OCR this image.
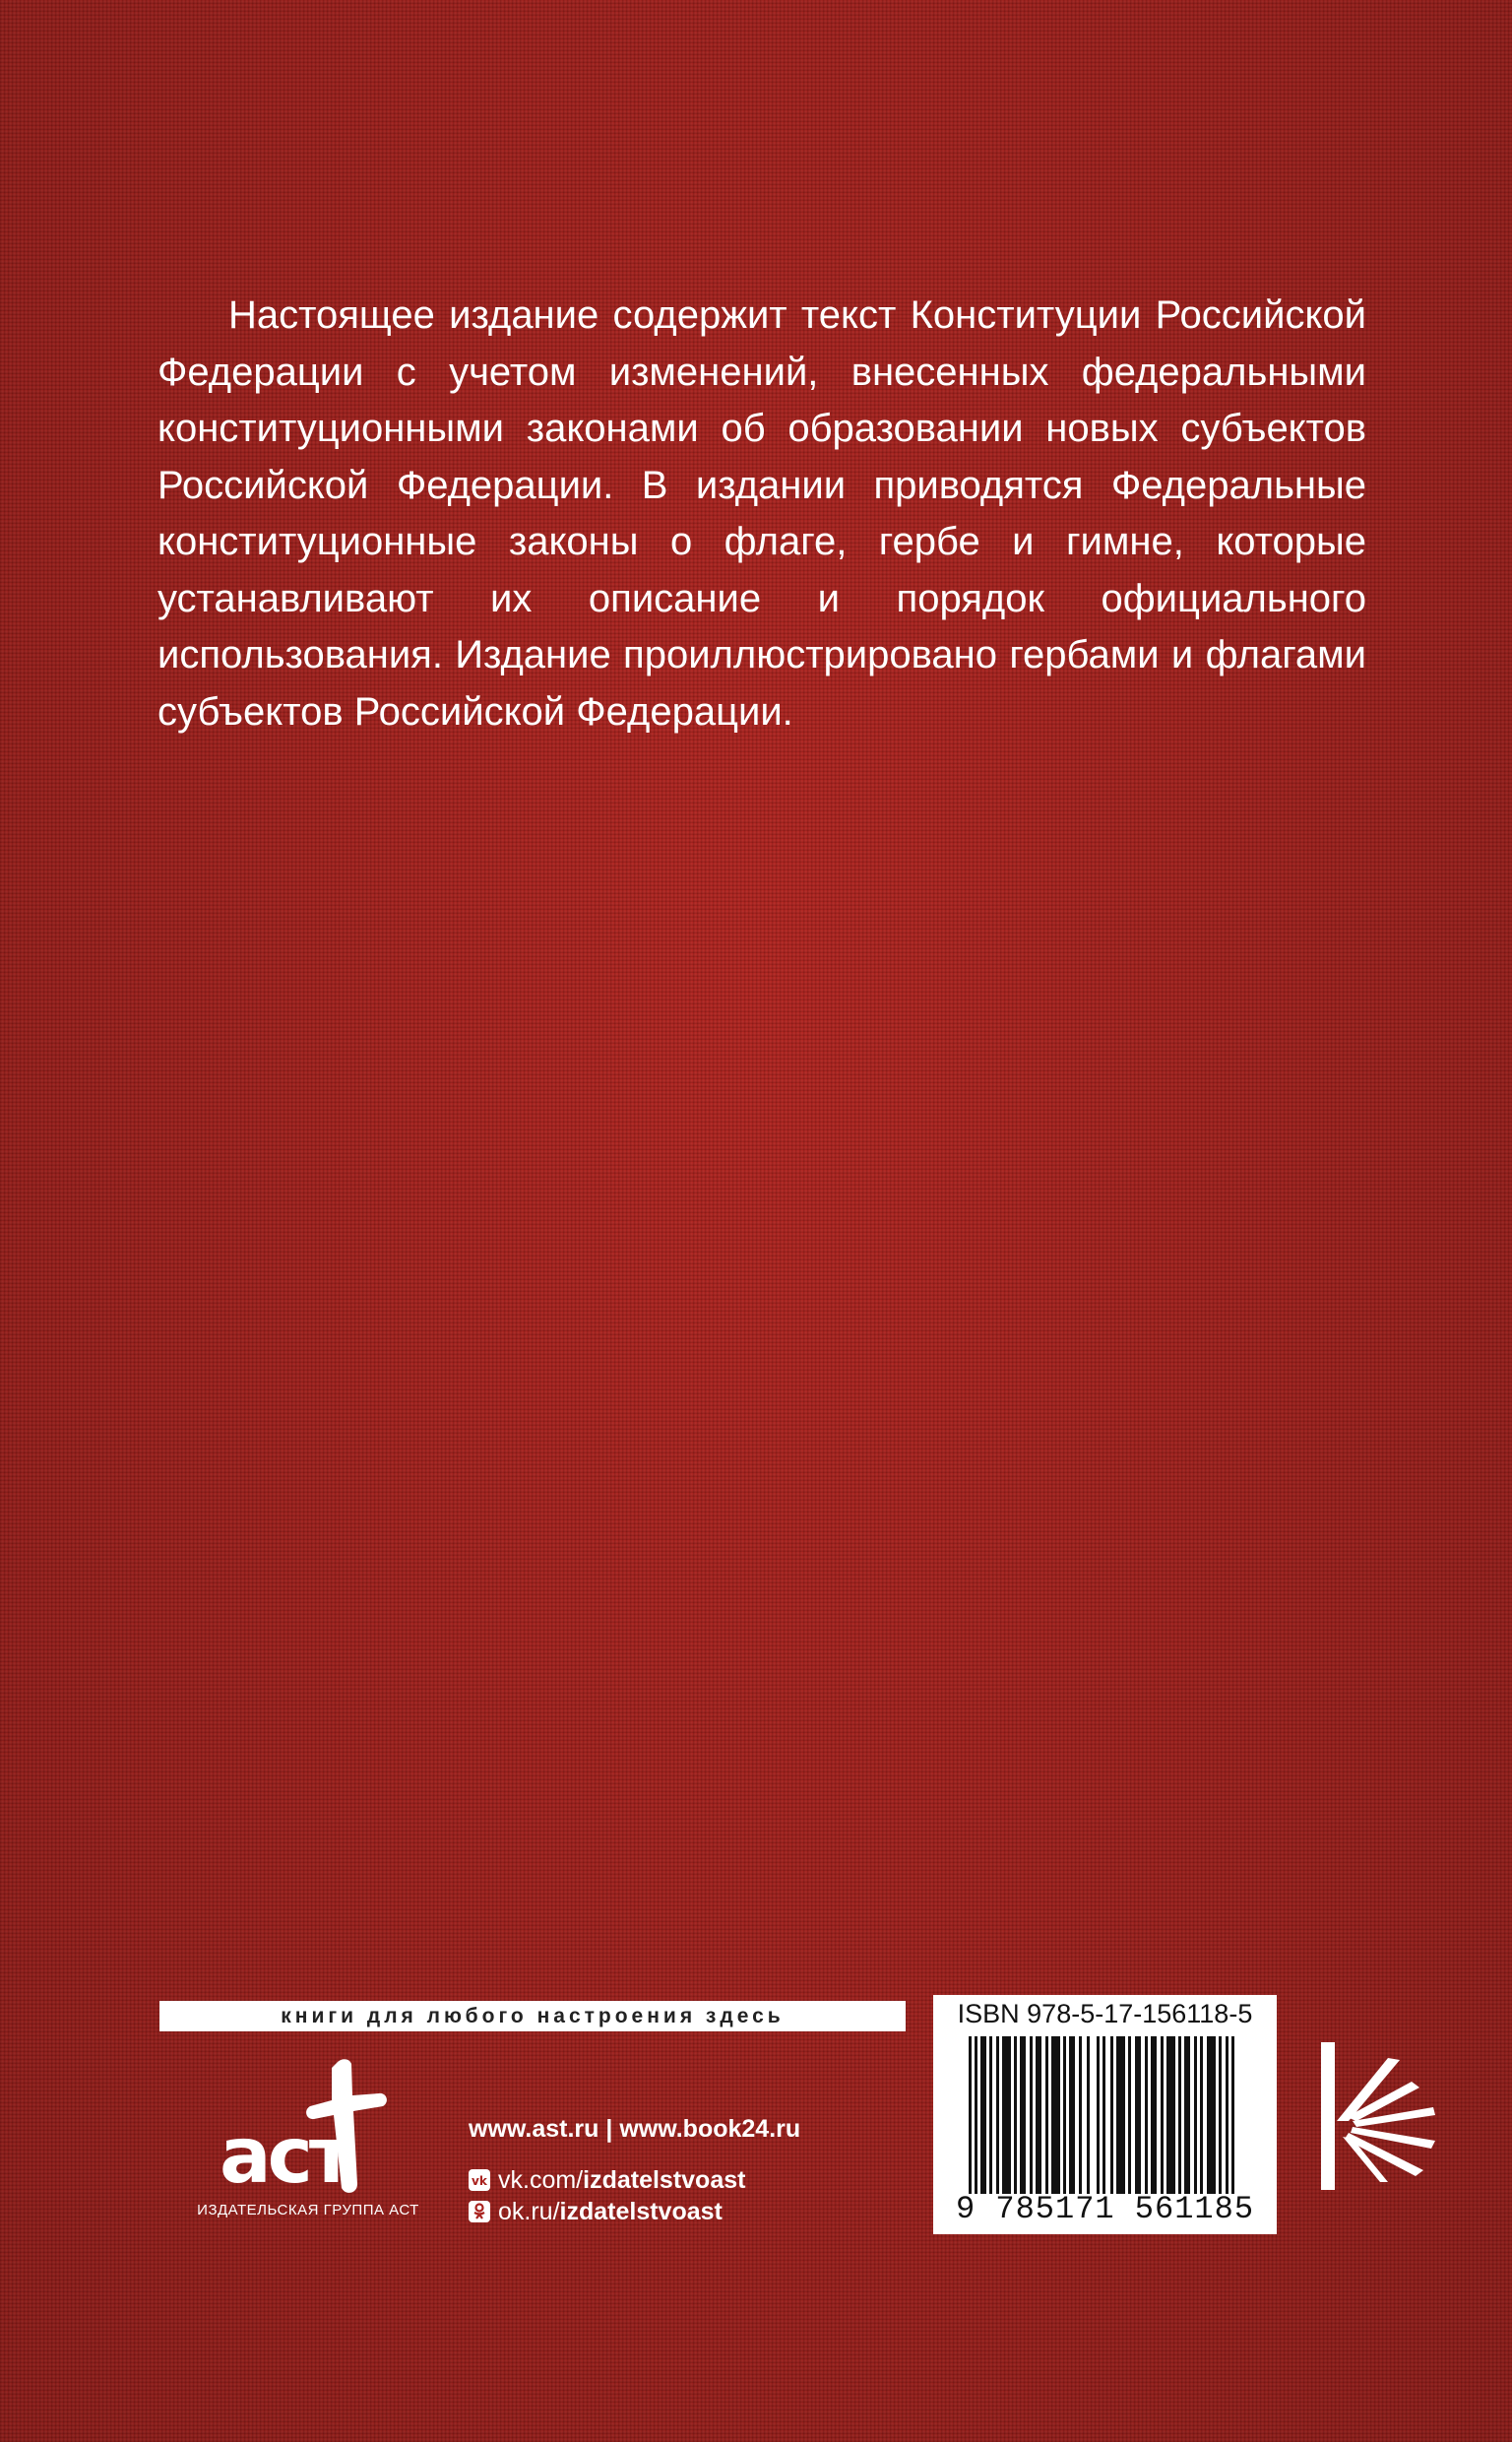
Настоящее издание содержит текст Конституции Российской Федерации с учетом изменений, внесенных федеральными конституционными законами об образовании новых субъектов Российской Федерации. В издании приводятся Федеральные конституционные законы о флаге, гербе и гимне, которые устанавливают их описание и порядок официального использования. Издание проиллюстрировано гербами и флагами субъектов Российской Федерации.

книги для любого настроения здесь
аст
ИЗДАТЕЛЬСКАЯ ГРУППА АСТ
www.ast.ru | www.book24.ru
vk vk.com/ izdatelstvoast
ok.ru/ izdatelstvoast
ISBN 978-5-17-156118-5
9 785171 561185
